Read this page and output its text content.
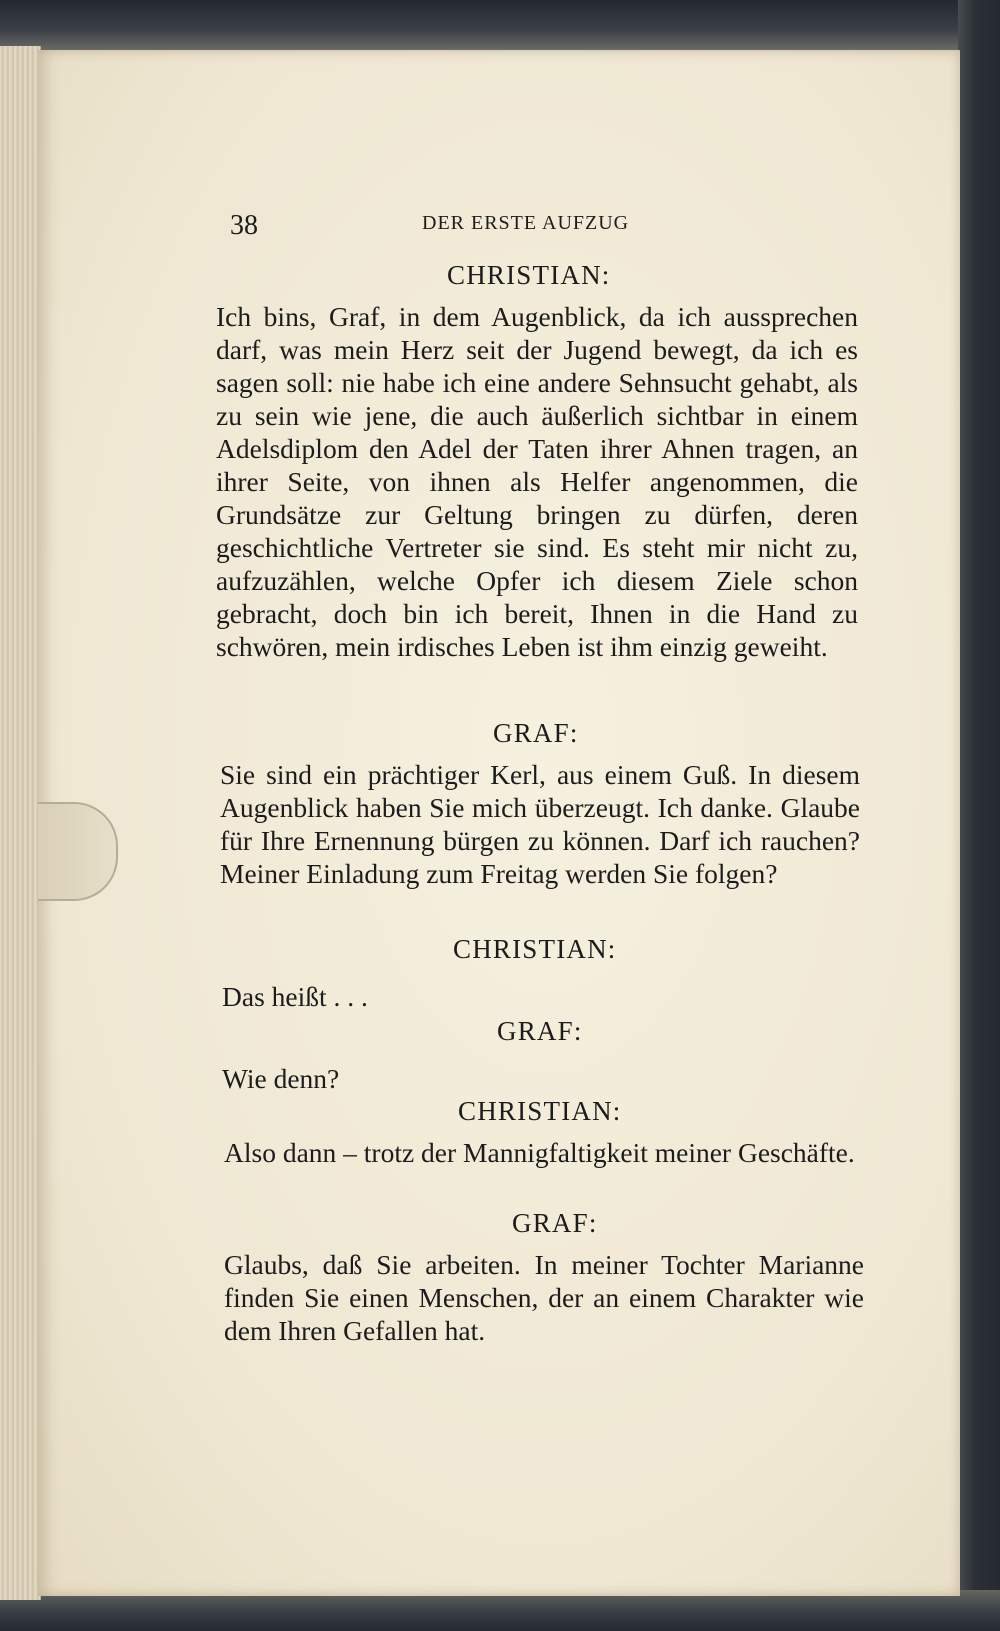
38	DER ERSTE AUFZUG

CHRISTIAN:

Ich bins, Graf, in dem Augenblick, da ich aussprechen darf, was mein Herz seit der Jugend bewegt, da ich es sagen soll: nie habe ich eine andere Sehnsucht gehabt, als zu sein wie jene, die auch äußerlich sichtbar in einem Adelsdiplom den Adel der Taten ihrer Ahnen tragen, an ihrer Seite, von ihnen als Helfer angenommen, die Grundsätze zur Geltung bringen zu dürfen, deren geschichtliche Vertreter sie sind. Es steht mir nicht zu, aufzuzählen, welche Opfer ich diesem Ziele schon gebracht, doch bin ich bereit, Ihnen in die Hand zu schwören, mein irdisches Leben ist ihm einzig geweiht.

GRAF:

Sie sind ein prächtiger Kerl, aus einem Guß. In diesem Augenblick haben Sie mich überzeugt. Ich danke. Glaube für Ihre Ernennung bürgen zu können. Darf ich rauchen? Meiner Einladung zum Freitag werden Sie folgen?

CHRISTIAN:

Das heißt . . .

GRAF:

Wie denn?

CHRISTIAN:

Also dann – trotz der Mannigfaltigkeit meiner Geschäfte.

GRAF:

Glaubs, daß Sie arbeiten. In meiner Tochter Marianne finden Sie einen Menschen, der an einem Charakter wie dem Ihren Gefallen hat.
